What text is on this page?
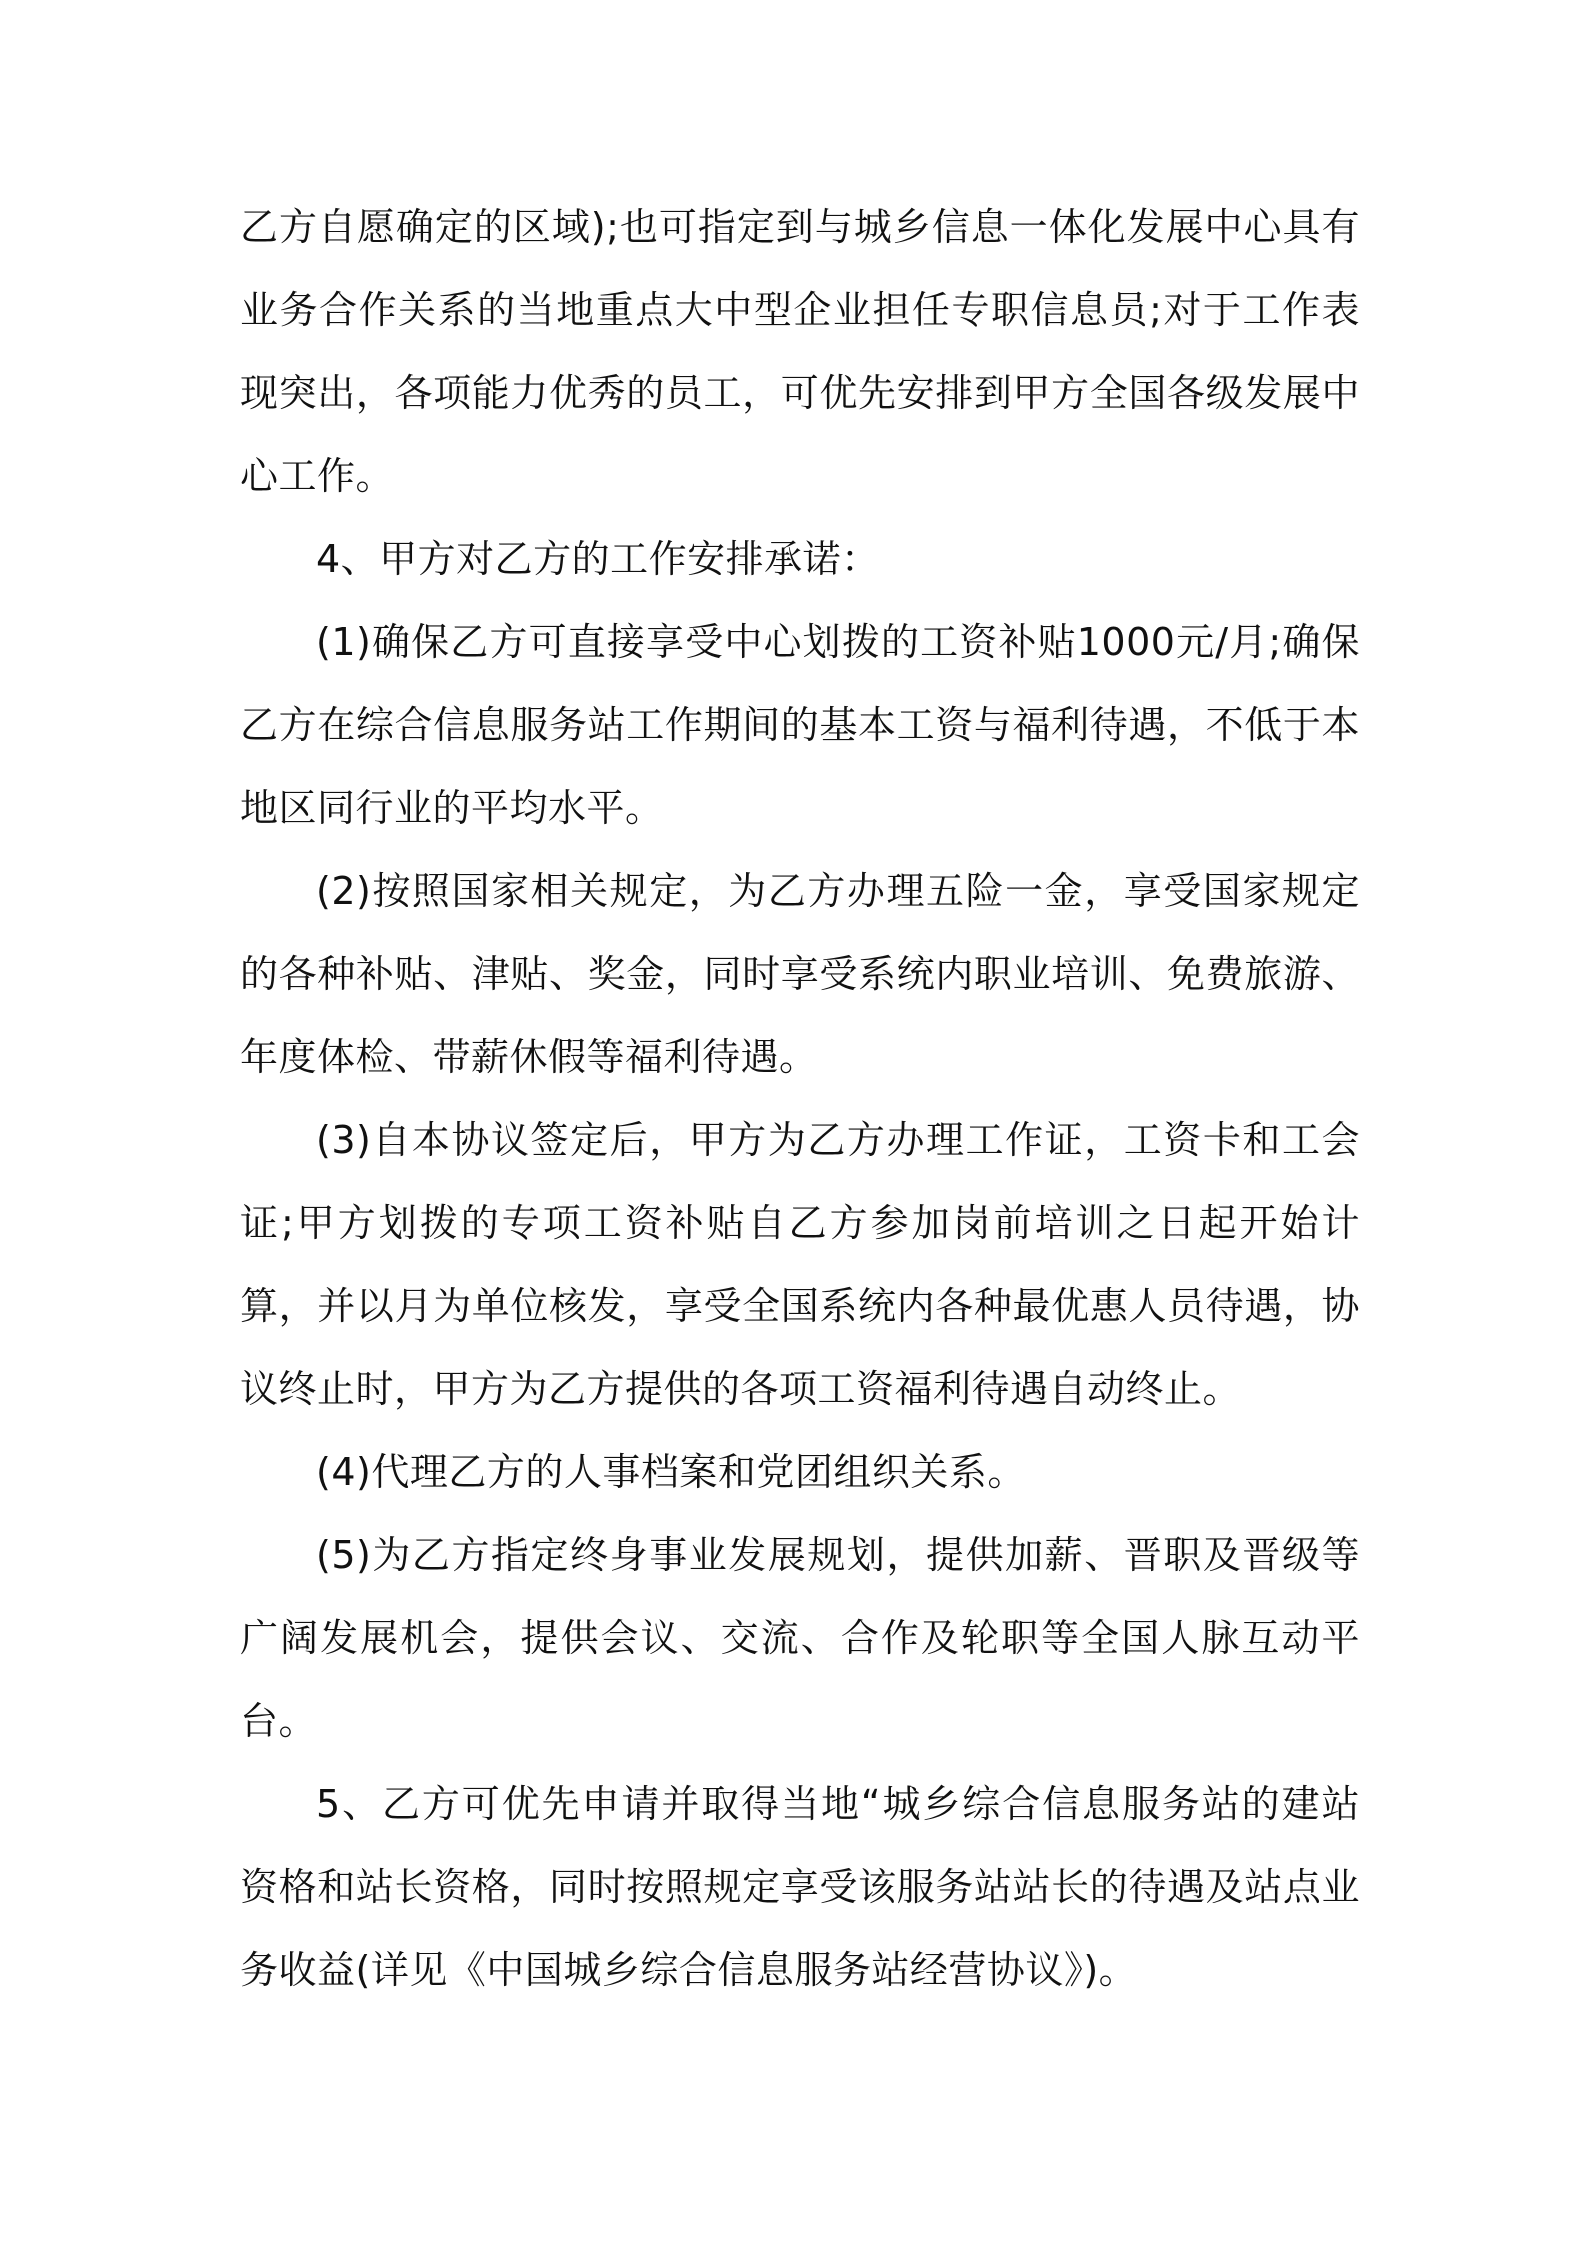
乙方自愿确定的区域);也可指定到与城乡信息一体化发展中心具有业务合作关系的当地重点大中型企业担任专职信息员;对于工作表现突出，各项能力优秀的员工，可优先安排到甲方全国各级发展中心工作。

4、甲方对乙方的工作安排承诺：

(1)确保乙方可直接享受中心划拨的工资补贴1000元/月;确保乙方在综合信息服务站工作期间的基本工资与福利待遇，不低于本地区同行业的平均水平。

(2)按照国家相关规定，为乙方办理五险一金，享受国家规定的各种补贴、津贴、奖金，同时享受系统内职业培训、免费旅游、年度体检、带薪休假等福利待遇。

(3)自本协议签定后，甲方为乙方办理工作证，工资卡和工会证;甲方划拨的专项工资补贴自乙方参加岗前培训之日起开始计算，并以月为单位核发，享受全国系统内各种最优惠人员待遇，协议终止时，甲方为乙方提供的各项工资福利待遇自动终止。

(4)代理乙方的人事档案和党团组织关系。

(5)为乙方指定终身事业发展规划，提供加薪、晋职及晋级等广阔发展机会，提供会议、交流、合作及轮职等全国人脉互动平台。

5、乙方可优先申请并取得当地“城乡综合信息服务站的建站资格和站长资格，同时按照规定享受该服务站站长的待遇及站点业务收益(详见《中国城乡综合信息服务站经营协议》)。
